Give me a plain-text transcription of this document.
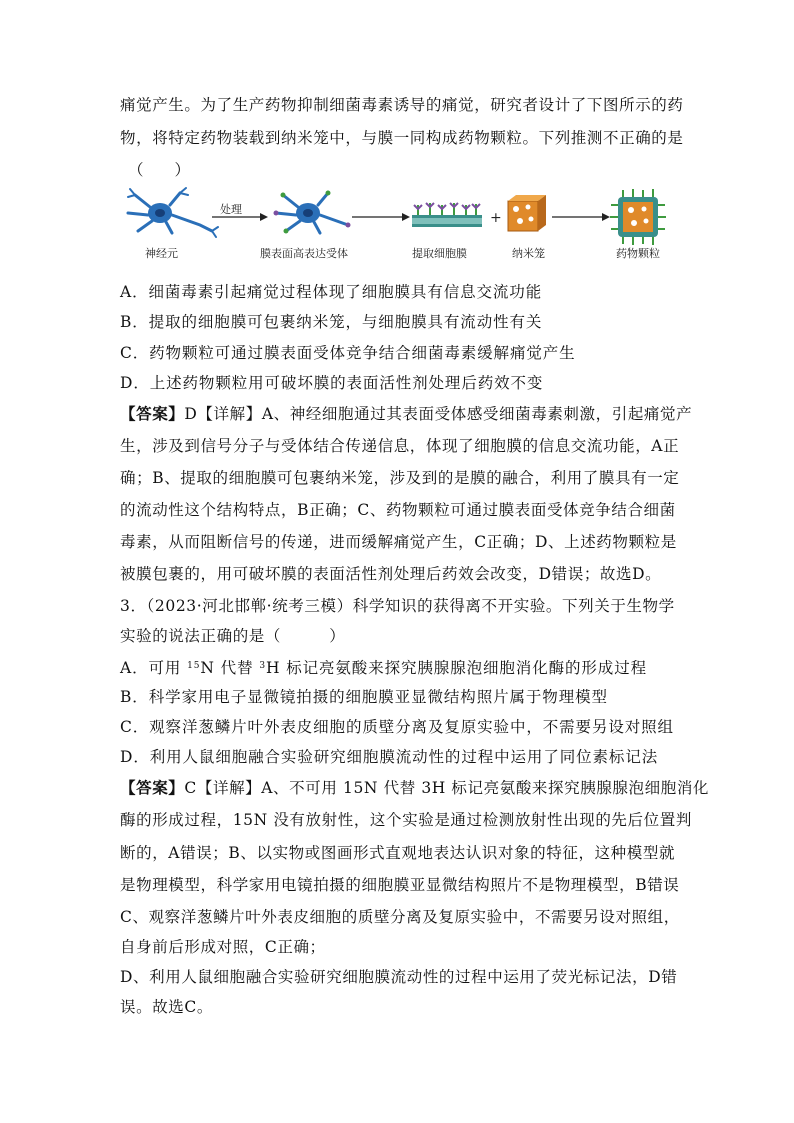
痛觉产生。为了生产药物抑制细菌毒素诱导的痛觉，研究者设计了下图所示的药
物，将特定药物装载到纳米笼中，与膜一同构成药物颗粒。下列推测不正确的是
（　　）
神经元
处理
膜表面高表达受体	提取细胞膜
+
纳米笼	药物颗粒
A．细菌毒素引起痛觉过程体现了细胞膜具有信息交流功能
B．提取的细胞膜可包裹纳米笼，与细胞膜具有流动性有关
C．药物颗粒可通过膜表面受体竞争结合细菌毒素缓解痛觉产生
D．上述药物颗粒用可破坏膜的表面活性剂处理后药效不变
【答案】D【详解】A、神经细胞通过其表面受体感受细菌毒素刺激，引起痛觉产
生，涉及到信号分子与受体结合传递信息，体现了细胞膜的信息交流功能，A正
确；B、提取的细胞膜可包裹纳米笼，涉及到的是膜的融合，利用了膜具有一定
的流动性这个结构特点，B正确；C、药物颗粒可通过膜表面受体竞争结合细菌
毒素，从而阻断信号的传递，进而缓解痛觉产生，C正确；D、上述药物颗粒是
被膜包裹的，用可破坏膜的表面活性剂处理后药效会改变，D错误；故选D。
3．（2023·河北邯郸·统考三模）科学知识的获得离不开实验。下列关于生物学
实验的说法正确的是（　　　）
A．可用 $^{15}$N 代替 $^3$H 标记亮氨酸来探究胰腺腺泡细胞消化酶的形成过程
B．科学家用电子显微镜拍摄的细胞膜亚显微结构照片属于物理模型
C．观察洋葱鳞片叶外表皮细胞的质壁分离及复原实验中，不需要另设对照组
D．利用人鼠细胞融合实验研究细胞膜流动性的过程中运用了同位素标记法
【答案】C【详解】A、不可用 15N 代替 3H 标记亮氨酸来探究胰腺腺泡细胞消化
酶的形成过程，15N 没有放射性，这个实验是通过检测放射性出现的先后位置判
断的，A错误；B、以实物或图画形式直观地表达认识对象的特征，这种模型就
是物理模型，科学家用电镜拍摄的细胞膜亚显微结构照片不是物理模型，B错误
C、观察洋葱鳞片叶外表皮细胞的质壁分离及复原实验中，不需要另设对照组，
自身前后形成对照，C正确；
D、利用人鼠细胞融合实验研究细胞膜流动性的过程中运用了荧光标记法，D错
误。故选C。
